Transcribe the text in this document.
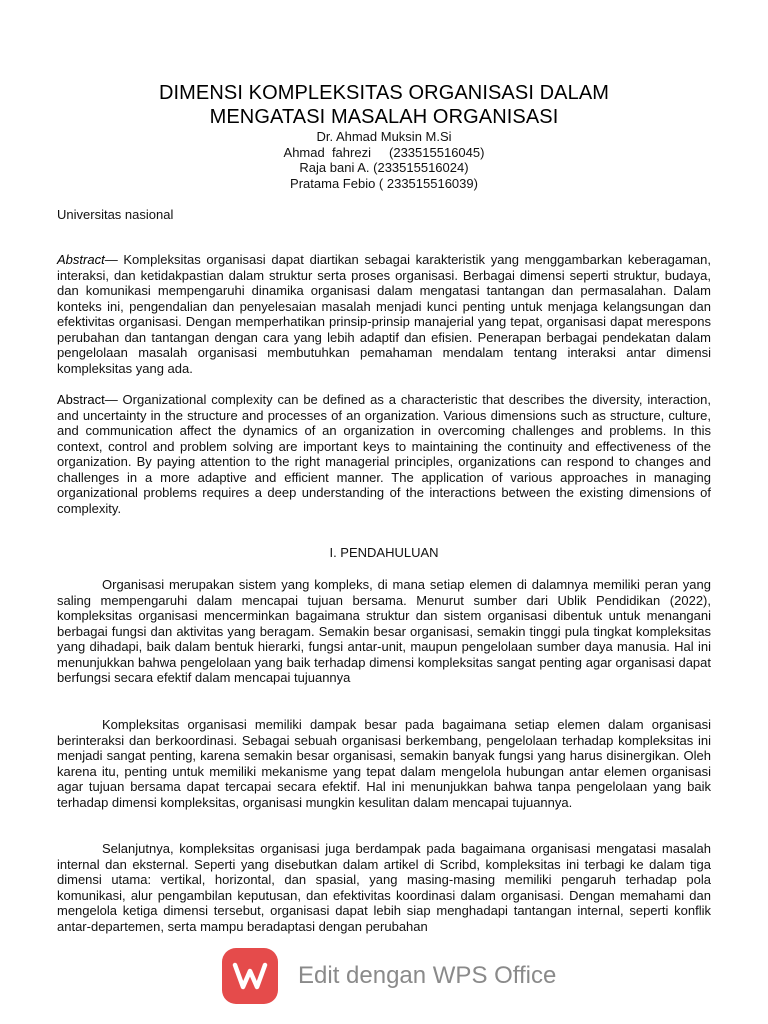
DIMENSI KOMPLEKSITAS ORGANISASI DALAM
MENGATASI MASALAH ORGANISASI
Dr. Ahmad Muksin M.Si
Ahmad  fahrezi     (233515516045)
Raja bani A. (233515516024)
Pratama Febio ( 233515516039)
Universitas nasional
Abstract— Kompleksitas organisasi dapat diartikan sebagai karakteristik yang menggambarkan keberagaman, interaksi, dan ketidakpastian dalam struktur serta proses organisasi. Berbagai dimensi seperti struktur, budaya, dan komunikasi mempengaruhi dinamika organisasi dalam mengatasi tantangan dan permasalahan. Dalam konteks ini, pengendalian dan penyelesaian masalah menjadi kunci penting untuk menjaga kelangsungan dan efektivitas organisasi. Dengan memperhatikan prinsip-prinsip manajerial yang tepat, organisasi dapat merespons perubahan dan tantangan dengan cara yang lebih adaptif dan efisien. Penerapan berbagai pendekatan dalam pengelolaan masalah organisasi membutuhkan pemahaman mendalam tentang interaksi antar dimensi kompleksitas yang ada.
Abstract— Organizational complexity can be defined as a characteristic that describes the diversity, interaction, and uncertainty in the structure and processes of an organization. Various dimensions such as structure, culture, and communication affect the dynamics of an organization in overcoming challenges and problems. In this context, control and problem solving are important keys to maintaining the continuity and effectiveness of the organization. By paying attention to the right managerial principles, organizations can respond to changes and challenges in a more adaptive and efficient manner. The application of various approaches in managing organizational problems requires a deep understanding of the interactions between the existing dimensions of complexity.
I. PENDAHULUAN
Organisasi merupakan sistem yang kompleks, di mana setiap elemen di dalamnya memiliki peran yang saling mempengaruhi dalam mencapai tujuan bersama. Menurut sumber dari Ublik Pendidikan (2022), kompleksitas organisasi mencerminkan bagaimana struktur dan sistem organisasi dibentuk untuk menangani berbagai fungsi dan aktivitas yang beragam. Semakin besar organisasi, semakin tinggi pula tingkat kompleksitas yang dihadapi, baik dalam bentuk hierarki, fungsi antar-unit, maupun pengelolaan sumber daya manusia. Hal ini menunjukkan bahwa pengelolaan yang baik terhadap dimensi kompleksitas sangat penting agar organisasi dapat berfungsi secara efektif dalam mencapai tujuannya
Kompleksitas organisasi memiliki dampak besar pada bagaimana setiap elemen dalam organisasi berinteraksi dan berkoordinasi. Sebagai sebuah organisasi berkembang, pengelolaan terhadap kompleksitas ini menjadi sangat penting, karena semakin besar organisasi, semakin banyak fungsi yang harus disinergikan. Oleh karena itu, penting untuk memiliki mekanisme yang tepat dalam mengelola hubungan antar elemen organisasi agar tujuan bersama dapat tercapai secara efektif. Hal ini menunjukkan bahwa tanpa pengelolaan yang baik terhadap dimensi kompleksitas, organisasi mungkin kesulitan dalam mencapai tujuannya.
Selanjutnya, kompleksitas organisasi juga berdampak pada bagaimana organisasi mengatasi masalah internal dan eksternal. Seperti yang disebutkan dalam artikel di Scribd, kompleksitas ini terbagi ke dalam tiga dimensi utama: vertikal, horizontal, dan spasial, yang masing-masing memiliki pengaruh terhadap pola komunikasi, alur pengambilan keputusan, dan efektivitas koordinasi dalam organisasi. Dengan memahami dan mengelola ketiga dimensi tersebut, organisasi dapat lebih siap menghadapi tantangan internal, seperti konflik antar-departemen, serta mampu beradaptasi dengan perubahan
Edit dengan WPS Office
